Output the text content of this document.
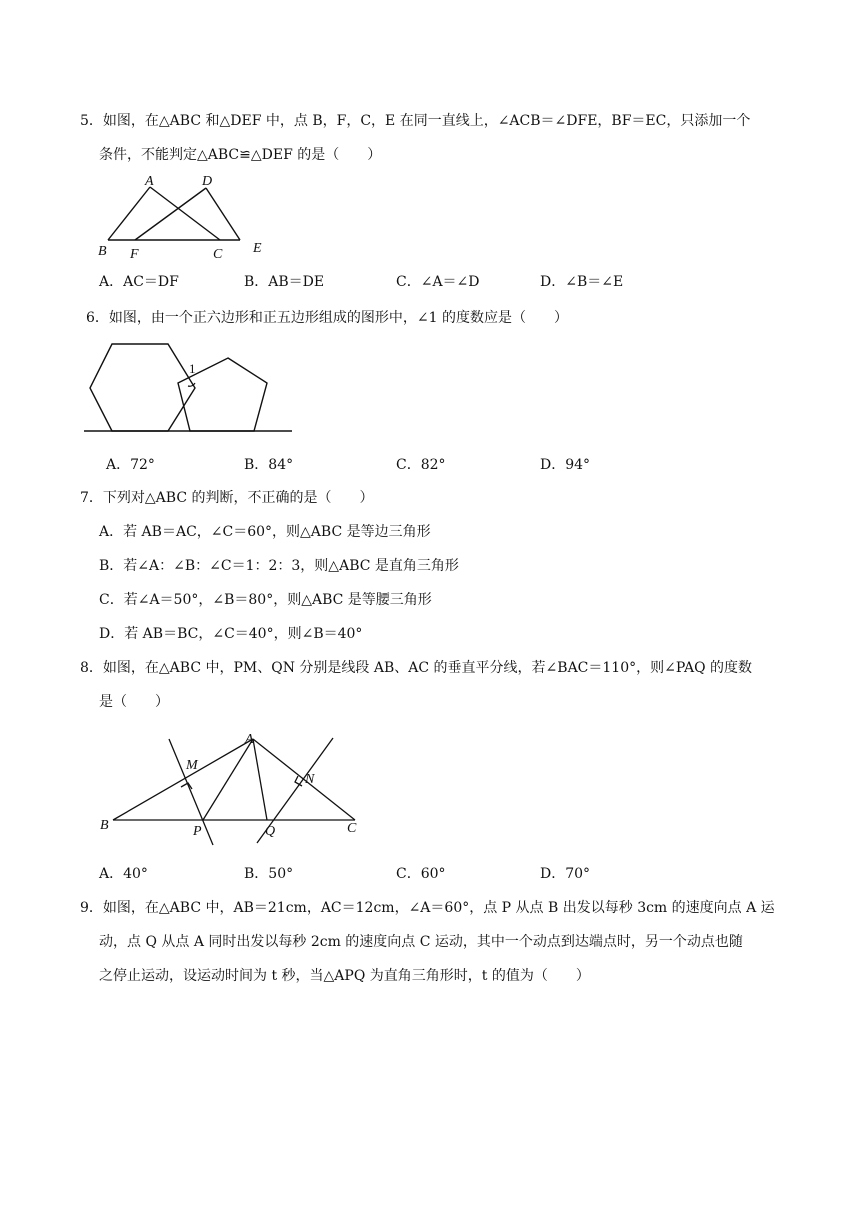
5．如图，在△ABC 和△DEF 中，点 B，F，C，E 在同一直线上，∠ACB＝∠DFE，BF＝EC，只添加一个
条件，不能判定△ABC≌△DEF 的是（　　）
A	D
B F	C E
A．AC＝DF	B．AB＝DE	C．∠A＝∠D	D．∠B＝∠E
6．如图，由一个正六边形和正五边形组成的图形中，∠1 的度数应是（　　）
1
A．72°	B．84°	C．82°	D．94°
7．下列对△ABC 的判断，不正确的是（　　）
A．若 AB＝AC，∠C＝60°，则△ABC 是等边三角形
B．若∠A：∠B：∠C＝1：2：3，则△ABC 是直角三角形
C．若∠A＝50°，∠B＝80°，则△ABC 是等腰三角形
D．若 AB＝BC，∠C＝40°，则∠B＝40°
8．如图，在△ABC 中，PM、QN 分别是线段 AB、AC 的垂直平分线，若∠BAC＝110°，则∠PAQ 的度数
是（　　）
A
M
N
B	P	Q	C
A．40°	B．50°	C．60°	D．70°
9．如图，在△ABC 中，AB＝21cm，AC＝12cm，∠A＝60°，点 P 从点 B 出发以每秒 3cm 的速度向点 A 运
动，点 Q 从点 A 同时出发以每秒 2cm 的速度向点 C 运动，其中一个动点到达端点时，另一个动点也随
之停止运动，设运动时间为 t 秒，当△APQ 为直角三角形时，t 的值为（　　）
